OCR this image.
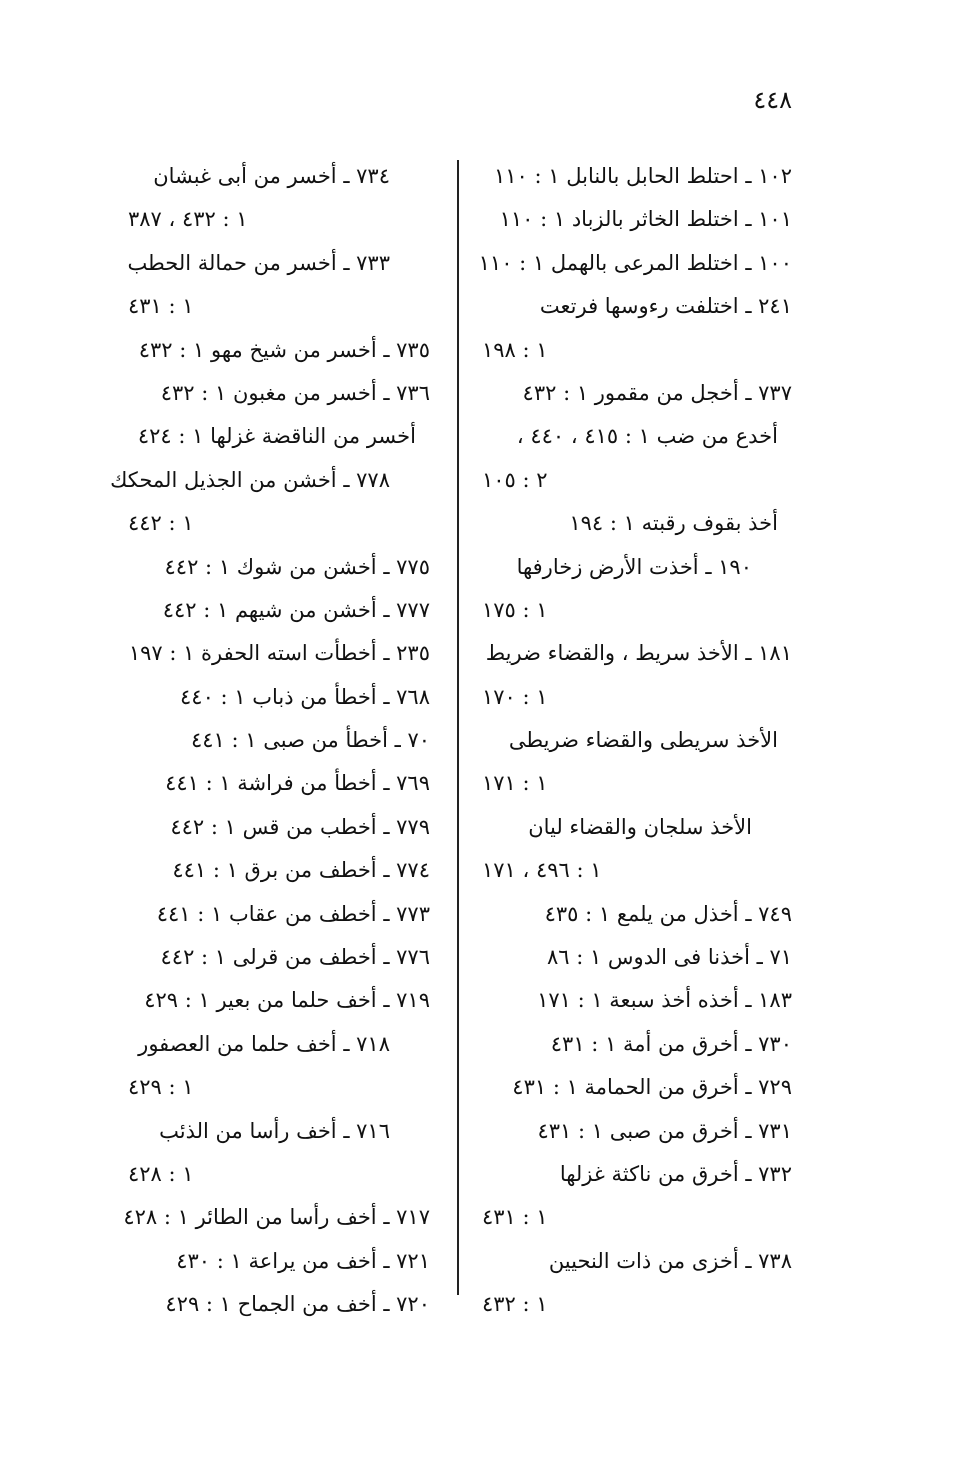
٤٤٨
١٠٢ ـ احتلط الحابل بالنابل ١ : ١١٠
١٠١ ـ اختلط الخاثر بالزباد ١ : ١١٠
١٠٠ ـ اختلط المرعى بالهمل ١ : ١١٠
٢٤١ ـ اختلفت رءوسها فرتعت
١ : ١٩٨
٧٣٧ ـ أخجل من مقمور ١ : ٤٣٢
أخدع من ضب ١ : ٤١٥ ، ٤٤٠ ،
٢ : ١٠٥
أخذ بقوف رقبته ١ : ١٩٤
١٩٠ ـ أخذت الأرض زخارفها
١ : ١٧٥
١٨١ ـ الأخذ سريط ، والقضاء ضريط
١ : ١٧٠
الأخذ سريطى والقضاء ضريطى
١ : ١٧١
الأخذ سلجان والقضاء ليان
١ : ٤٩٦ ، ١٧١
٧٤٩ ـ أخذل من يلمع ١ : ٤٣٥
٧١ ـ أخذنا فى الدوس ١ : ٨٦
١٨٣ ـ أخذه أخذ سبعة ١ : ١٧١
٧٣٠ ـ أخرق من أمة ١ : ٤٣١
٧٢٩ ـ أخرق من الحمامة ١ : ٤٣١
٧٣١ ـ أخرق من صبى ١ : ٤٣١
٧٣٢ ـ أخرق من ناكثة غزلها
١ : ٤٣١
٧٣٨ ـ أخزى من ذات النحيين
١ : ٤٣٢
٧٣٤ ـ أخسر من أبى غبشان
١ : ٤٣٢ ، ٣٨٧
٧٣٣ ـ أخسر من حمالة الحطب
١ : ٤٣١
٧٣٥ ـ أخسر من شيخ مهو ١ : ٤٣٢
٧٣٦ ـ أخسر من مغبون ١ : ٤٣٢
أخسر من الناقضة غزلها ١ : ٤٢٤
٧٧٨ ـ أخشن من الجذيل المحكك
١ : ٤٤٢
٧٧٥ ـ أخشن من شوك ١ : ٤٤٢
٧٧٧ ـ أخشن من شيهم ١ : ٤٤٢
٢٣٥ ـ أخطأت استه الحفرة ١ : ١٩٧
٧٦٨ ـ أخطأ من ذباب ١ : ٤٤٠
٧٠ ـ أخطأ من صبى ١ : ٤٤١
٧٦٩ ـ أخطأ من فراشة ١ : ٤٤١
٧٧٩ ـ أخطب من قس ١ : ٤٤٢
٧٧٤ ـ أخطف من برق ١ : ٤٤١
٧٧٣ ـ أخطف من عقاب ١ : ٤٤١
٧٧٦ ـ أخطف من قرلى ١ : ٤٤٢
٧١٩ ـ أخف حلما من بعير ١ : ٤٢٩
٧١٨ ـ أخف حلما من العصفور
١ : ٤٢٩
٧١٦ ـ أخف رأسا من الذئب
١ : ٤٢٨
٧١٧ ـ أخف رأسا من الطائر ١ : ٤٢٨
٧٢١ ـ أخف من يراعة ١ : ٤٣٠
٧٢٠ ـ أخف من الجماح ١ : ٤٢٩
